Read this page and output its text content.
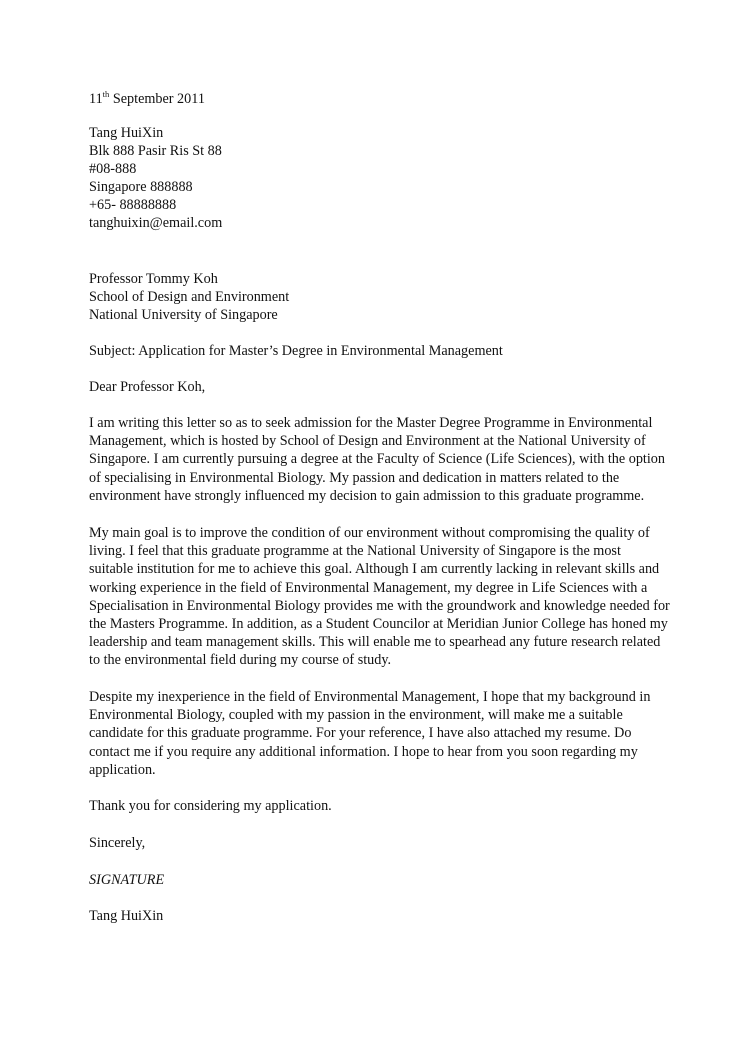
11th September 2011
Tang HuiXin
Blk 888 Pasir Ris St 88
#08-888
Singapore 888888
+65- 88888888
tanghuixin@email.com
Professor Tommy Koh
School of Design and Environment
National University of Singapore
Subject: Application for Master’s Degree in Environmental Management
Dear Professor Koh,
I am writing this letter so as to seek admission for the Master Degree Programme in Environmental
Management, which is hosted by School of Design and Environment at the National University of
Singapore. I am currently pursuing a degree at the Faculty of Science (Life Sciences), with the option
of specialising in Environmental Biology. My passion and dedication in matters related to the
environment have strongly influenced my decision to gain admission to this graduate programme.
My main goal is to improve the condition of our environment without compromising the quality of
living. I feel that this graduate programme at the National University of Singapore is the most
suitable institution for me to achieve this goal. Although I am currently lacking in relevant skills and
working experience in the field of Environmental Management, my degree in Life Sciences with a
Specialisation in Environmental Biology provides me with the groundwork and knowledge needed for
the Masters Programme. In addition, as a Student Councilor at Meridian Junior College has honed my
leadership and team management skills. This will enable me to spearhead any future research related
to the environmental field during my course of study.
Despite my inexperience in the field of Environmental Management, I hope that my background in
Environmental Biology, coupled with my passion in the environment, will make me a suitable
candidate for this graduate programme. For your reference, I have also attached my resume. Do
contact me if you require any additional information. I hope to hear from you soon regarding my
application.
Thank you for considering my application.
Sincerely,
SIGNATURE
Tang HuiXin
